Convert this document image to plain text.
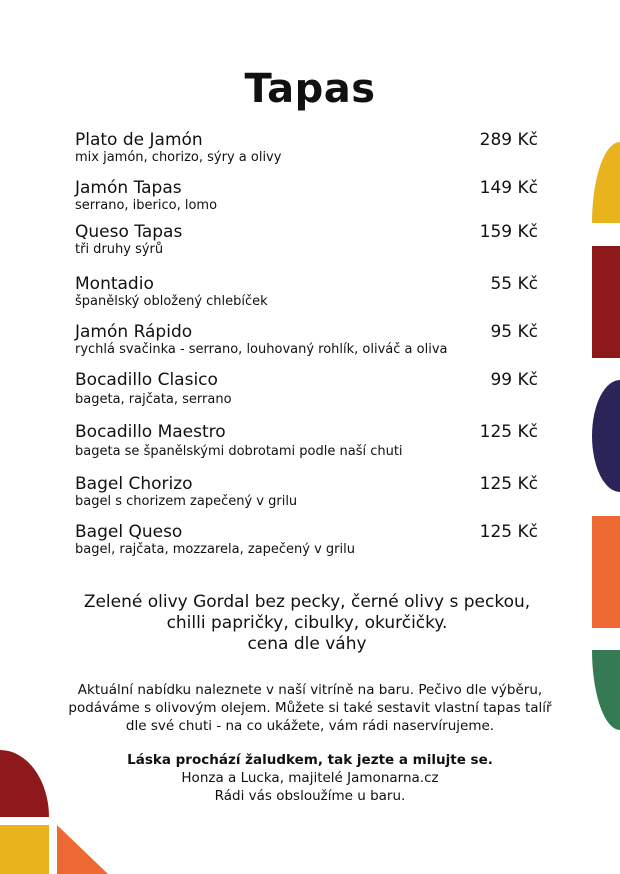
Tapas
Plato de Jamón	289 Kč
mix jamón, chorizo, sýry a olivy
Jamón Tapas	149 Kč
serrano, iberico, lomo
Queso Tapas	159 Kč
tři druhy sýrů
Montadio	55 Kč
španělský obložený chlebíček
Jamón Rápido	95 Kč
rychlá svačinka - serrano, louhovaný rohlík, oliváč a oliva
Bocadillo Clasico	99 Kč
bageta, rajčata, serrano
Bocadillo Maestro	125 Kč
bageta se španělskými dobrotami podle naší chuti
Bagel Chorizo	125 Kč
bagel s chorizem zapečený v grilu
Bagel Queso	125 Kč
bagel, rajčata, mozzarela, zapečený v grilu
Zelené olivy Gordal bez pecky, černé olivy s peckou,
chilli papričky, cibulky, okurčičky.
cena dle váhy
Aktuální nabídku naleznete v naší vitríně na baru. Pečivo dle výběru,
podáváme s olivovým olejem. Můžete si také sestavit vlastní tapas talíř
dle své chuti - na co ukážete, vám rádi naservírujeme.
Láska prochází žaludkem, tak jezte a milujte se.
Honza a Lucka, majitelé Jamonarna.cz
Rádi vás obsloužíme u baru.
